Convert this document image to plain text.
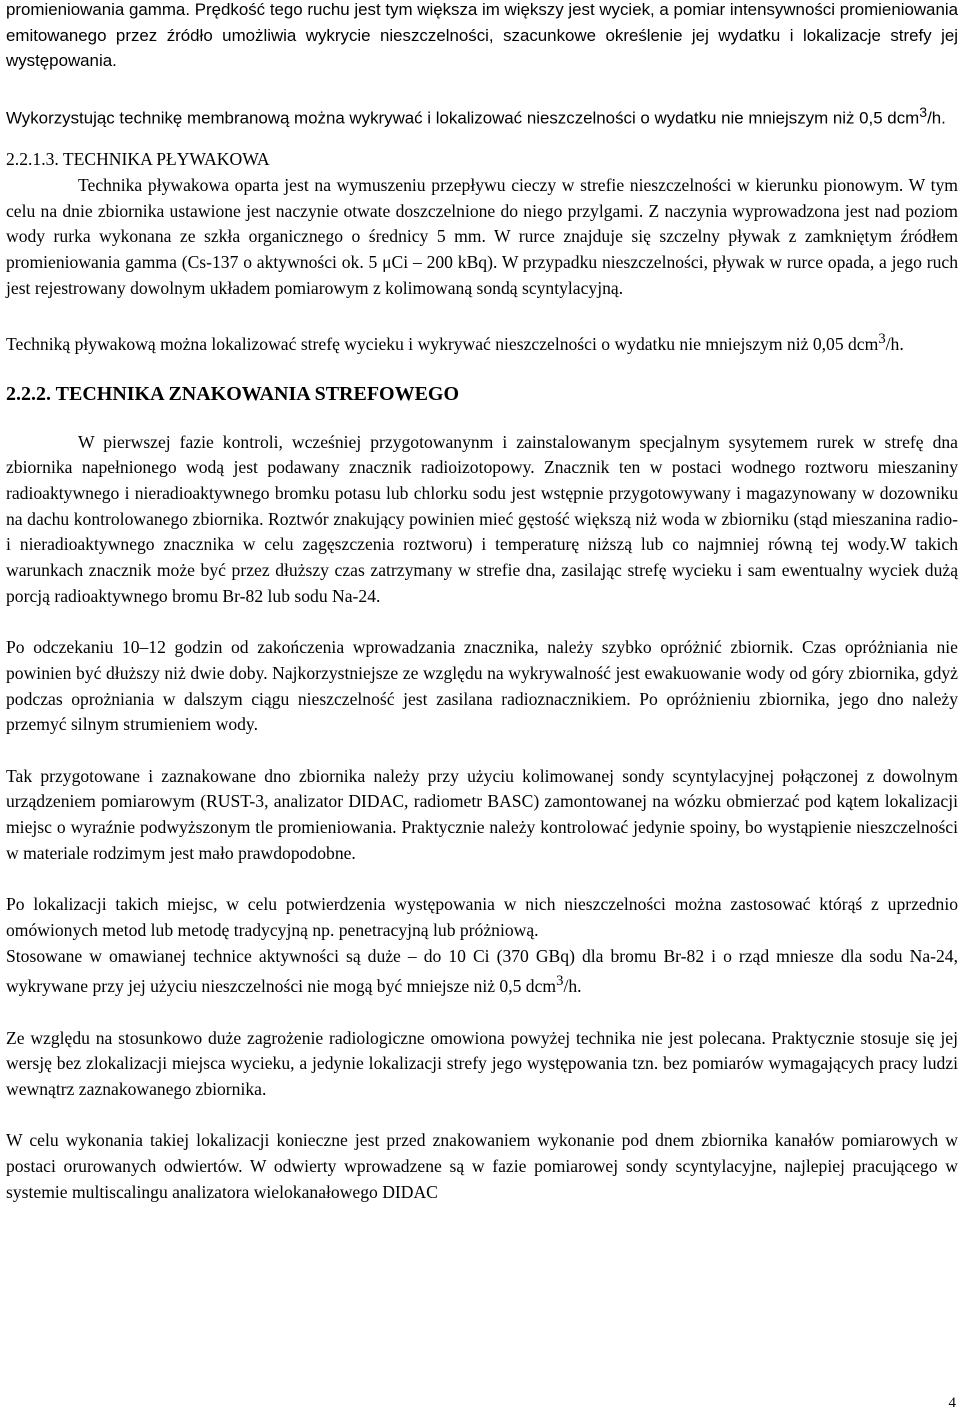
promieniowania gamma. Prędkość tego ruchu jest tym większa im większy jest wyciek, a pomiar intensywności promieniowania emitowanego przez źródło umożliwia wykrycie nieszczelności, szacunkowe określenie jej wydatku i lokalizacje strefy jej występowania.

Wykorzystując technikę membranową można wykrywać i lokalizować nieszczelności o wydatku nie mniejszym niż 0,5 dcm$^3$/h.

2.2.1.3. TECHNIKA PŁYWAKOWA

Technika pływakowa oparta jest na wymuszeniu przepływu cieczy w strefie nieszczelności w kierunku pionowym. W tym celu na dnie zbiornika ustawione jest naczynie otwate doszczelnione do niego przylgami. Z naczynia wyprowadzona jest nad poziom wody rurka wykonana ze szkła organicznego o średnicy 5 mm. W rurce znajduje się szczelny pływak z zamkniętym źródłem promieniowania gamma (Cs-137 o aktywności ok. 5 μCi – 200 kBq). W przypadku nieszczelności, pływak w rurce opada, a jego ruch jest rejestrowany dowolnym układem pomiarowym z kolimowaną sondą scyntylacyjną.

Techniką pływakową można lokalizować strefę wycieku i wykrywać nieszczelności o wydatku nie mniejszym niż 0,05 dcm$^3$/h.

2.2.2. TECHNIKA ZNAKOWANIA STREFOWEGO

W pierwszej fazie kontroli, wcześniej przygotowanynm i zainstalowanym specjalnym sysytemem rurek w strefę dna zbiornika napełnionego wodą jest podawany znacznik radioizotopowy. Znacznik ten w postaci wodnego roztworu mieszaniny radioaktywnego i nieradioaktywnego bromku potasu lub chlorku sodu jest wstępnie przygotowywany i magazynowany w dozowniku na dachu kontrolowanego zbiornika. Roztwór znakujący powinien mieć gęstość większą niż woda w zbiorniku (stąd mieszanina radio- i nieradioaktywnego znacznika w celu zagęszczenia roztworu) i temperaturę niższą lub co najmniej równą tej wody.W takich warunkach znacznik może być przez dłuższy czas zatrzymany w strefie dna, zasilając strefę wycieku i sam ewentualny wyciek dużą porcją radioaktywnego bromu Br-82 lub sodu Na-24.

Po odczekaniu 10–12 godzin od zakończenia wprowadzania znacznika, należy szybko opróżnić zbiornik. Czas opróżniania nie powinien być dłuższy niż dwie doby. Najkorzystniejsze ze względu na wykrywalność jest ewakuowanie wody od góry zbiornika, gdyż podczas oprożniania w dalszym ciągu nieszczelność jest zasilana radioznacznikiem. Po opróżnieniu zbiornika, jego dno należy przemyć silnym strumieniem wody.

Tak przygotowane i zaznakowane dno zbiornika należy przy użyciu kolimowanej sondy scyntylacyjnej połączonej z dowolnym urządzeniem pomiarowym (RUST-3, analizator DIDAC, radiometr BASC) zamontowanej na wózku obmierzać pod kątem lokalizacji miejsc o wyraźnie podwyższonym tle promieniowania. Praktycznie należy kontrolować jedynie spoiny, bo wystąpienie nieszczelności w materiale rodzimym jest mało prawdopodobne.

Po lokalizacji takich miejsc, w celu potwierdzenia występowania w nich nieszczelności można zastosować którąś z uprzednio omówionych metod lub metodę tradycyjną np. penetracyjną lub próżniową.

Stosowane w omawianej technice aktywności są duże – do 10 Ci (370 GBq) dla bromu Br-82 i o rząd mniesze dla sodu Na-24, wykrywane przy jej użyciu nieszczelności nie mogą być mniejsze niż 0,5 dcm$^3$/h.

Ze względu na stosunkowo duże zagrożenie radiologiczne omowiona powyżej technika nie jest polecana. Praktycznie stosuje się jej wersję bez zlokalizacji miejsca wycieku, a jedynie lokalizacji strefy jego występowania tzn. bez pomiarów wymagających pracy ludzi wewnątrz zaznakowanego zbiornika.

W celu wykonania takiej lokalizacji konieczne jest przed znakowaniem wykonanie pod dnem zbiornika kanałów pomiarowych w postaci orurowanych odwiertów. W odwierty wprowadzene są w fazie pomiarowej sondy scyntylacyjne, najlepiej pracującego w systemie multiscalingu analizatora wielokanałowego DIDAC

4
